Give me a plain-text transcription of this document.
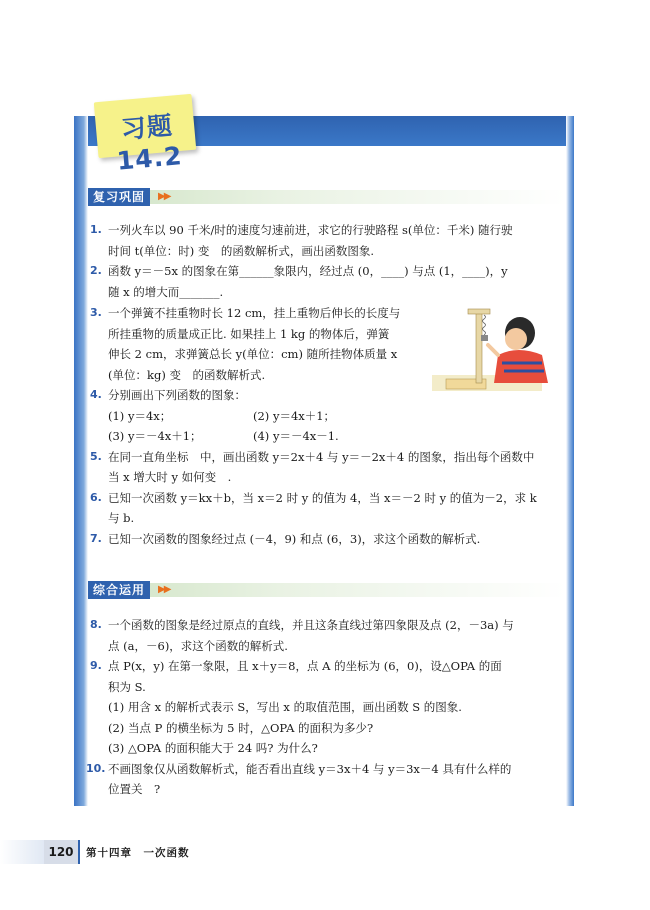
习题14.2
复习巩固	▶▶
1. 一列火车以 90 千米/时的速度匀速前进，求它的行驶路程 s(单位：千米) 随行驶
时间 t(单位：时) 变　的函数解析式，画出函数图象.
2. 函数 y＝－5x 的图象在第______象限内，经过点 (0，____) 与点 (1，____)，y
随 x 的增大而_______.
3. 一个弹簧不挂重物时长 12 cm，挂上重物后伸长的长度与
所挂重物的质量成正比. 如果挂上 1 kg 的物体后，弹簧
伸长 2 cm，求弹簧总长 y(单位：cm) 随所挂物体质量 x
(单位：kg) 变　的函数解析式.
4. 分别画出下列函数的图象：
(1) y＝4x；	(2) y＝4x＋1；
(3) y＝－4x＋1；	(4) y＝－4x－1.
5. 在同一直角坐标　中，画出函数 y＝2x＋4 与 y＝－2x＋4 的图象，指出每个函数中
当 x 增大时 y 如何变　.
6. 已知一次函数 y＝kx＋b，当 x＝2 时 y 的值为 4，当 x＝－2 时 y 的值为－2，求 k
与 b.
7. 已知一次函数的图象经过点 (－4，9) 和点 (6，3)，求这个函数的解析式.
综合运用	▶▶
8. 一个函数的图象是经过原点的直线，并且这条直线过第四象限及点 (2，－3a) 与
点 (a，－6)，求这个函数的解析式.
9. 点 P(x，y) 在第一象限，且 x＋y＝8，点 A 的坐标为 (6，0)，设△OPA 的面
积为 S.
(1) 用含 x 的解析式表示 S，写出 x 的取值范围，画出函数 S 的图象.
(2) 当点 P 的横坐标为 5 时，△OPA 的面积为多少?
(3) △OPA 的面积能大于 24 吗? 为什么?
10. 不画图象仅从函数解析式，能否看出直线 y＝3x＋4 与 y＝3x－4 具有什么样的
位置关　?
120	第十四章　一次函数
